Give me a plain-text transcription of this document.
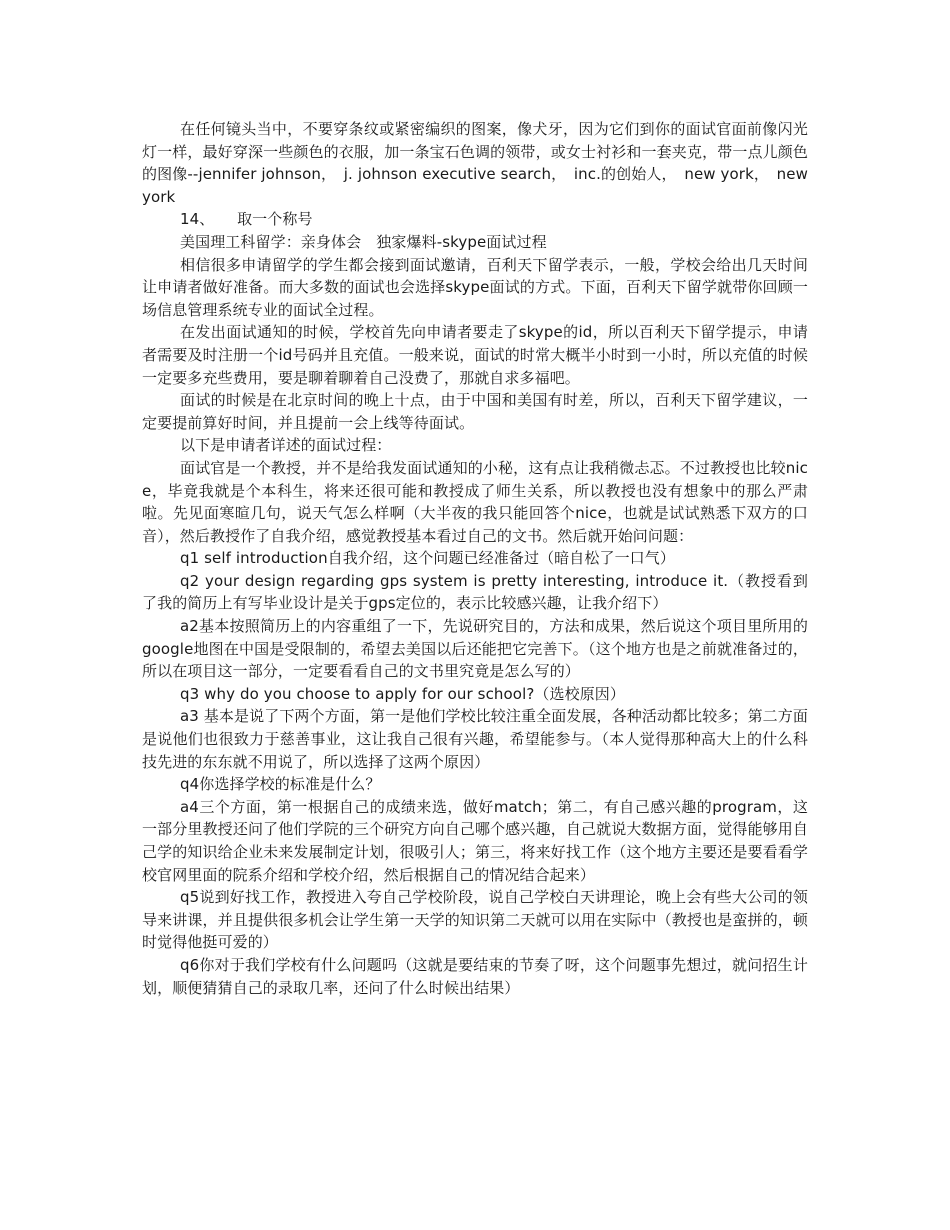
在任何镜头当中，不要穿条纹或紧密编织的图案，像犬牙，因为它们到你的面试官面前像闪光灯一样，最好穿深一些颜色的衣服，加一条宝石色调的领带，或女士衬衫和一套夹克，带一点儿颜色的图像--jennifer johnson，　j. johnson executive search，　inc.的创始人，　new york，　new york

14、　　取一个称号

美国理工科留学：亲身体会　独家爆料-skype面试过程

相信很多申请留学的学生都会接到面试邀请，百利天下留学表示，一般，学校会给出几天时间让申请者做好准备。而大多数的面试也会选择skype面试的方式。下面，百利天下留学就带你回顾一场信息管理系统专业的面试全过程。

在发出面试通知的时候，学校首先向申请者要走了skype的id，所以百利天下留学提示，申请者需要及时注册一个id号码并且充值。一般来说，面试的时常大概半小时到一小时，所以充值的时候一定要多充些费用，要是聊着聊着自己没费了，那就自求多福吧。

面试的时候是在北京时间的晚上十点，由于中国和美国有时差，所以，百利天下留学建议，一定要提前算好时间，并且提前一会上线等待面试。

以下是申请者详述的面试过程：

面试官是一个教授，并不是给我发面试通知的小秘，这有点让我稍微忐忑。不过教授也比较nice，毕竟我就是个本科生，将来还很可能和教授成了师生关系，所以教授也没有想象中的那么严肃啦。先见面寒暄几句，说天气怎么样啊（大半夜的我只能回答个nice，也就是试试熟悉下双方的口音），然后教授作了自我介绍，感觉教授基本看过自己的文书。然后就开始问问题：

q1 self introduction自我介绍，这个问题已经准备过（暗自松了一口气）

q2 your design regarding gps system is pretty interesting, introduce it.（教授看到了我的简历上有写毕业设计是关于gps定位的，表示比较感兴趣，让我介绍下）

a2基本按照简历上的内容重组了一下，先说研究目的，方法和成果，然后说这个项目里所用的google地图在中国是受限制的，希望去美国以后还能把它完善下。（这个地方也是之前就准备过的，所以在项目这一部分，一定要看看自己的文书里究竟是怎么写的）

q3 why do you choose to apply for our school?（选校原因）

a3 基本是说了下两个方面，第一是他们学校比较注重全面发展，各种活动都比较多；第二方面是说他们也很致力于慈善事业，这让我自己很有兴趣，希望能参与。（本人觉得那种高大上的什么科技先进的东东就不用说了，所以选择了这两个原因）

q4你选择学校的标准是什么？

a4三个方面，第一根据自己的成绩来选，做好match；第二，有自己感兴趣的program，这一部分里教授还问了他们学院的三个研究方向自己哪个感兴趣，自己就说大数据方面，觉得能够用自己学的知识给企业未来发展制定计划，很吸引人；第三，将来好找工作（这个地方主要还是要看看学校官网里面的院系介绍和学校介绍，然后根据自己的情况结合起来）

q5说到好找工作，教授进入夸自己学校阶段，说自己学校白天讲理论，晚上会有些大公司的领导来讲课，并且提供很多机会让学生第一天学的知识第二天就可以用在实际中（教授也是蛮拼的，顿时觉得他挺可爱的）

q6你对于我们学校有什么问题吗（这就是要结束的节奏了呀，这个问题事先想过，就问招生计划，顺便猜猜自己的录取几率，还问了什么时候出结果）
